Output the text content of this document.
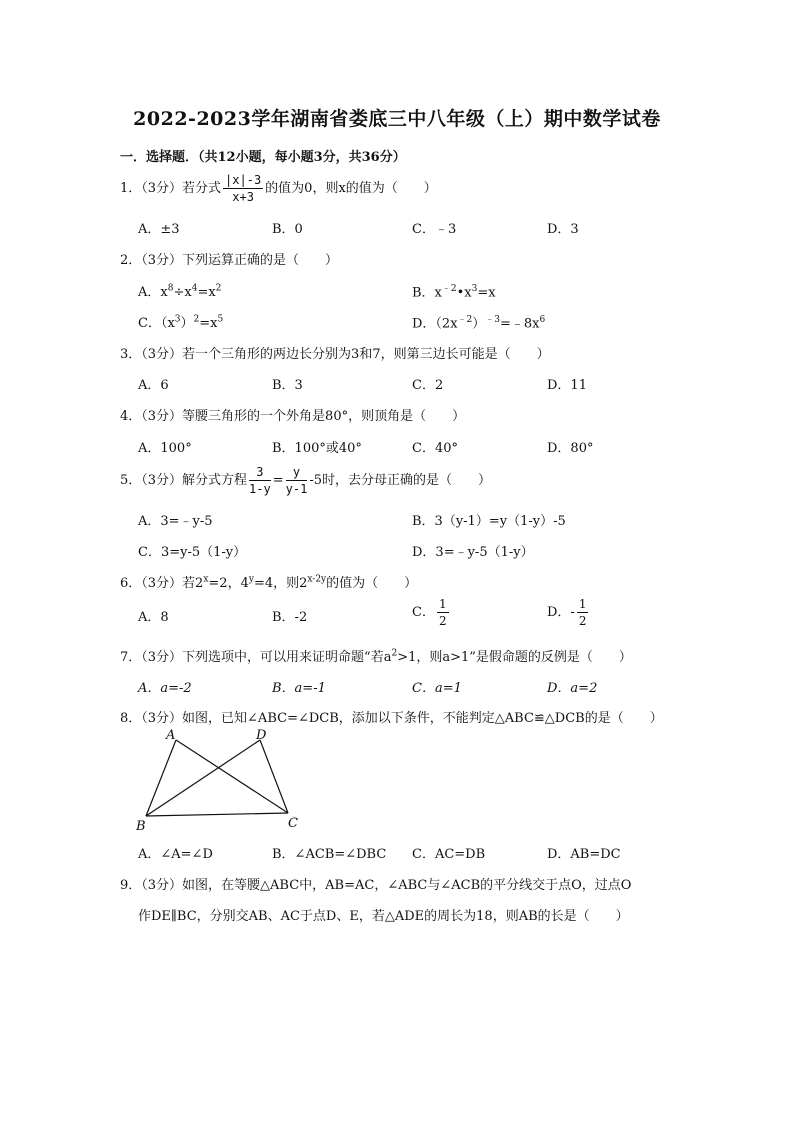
2022-2023学年湖南省娄底三中八年级（上）期中数学试卷
一．选择题．（共12小题，每小题3分，共36分）
1．（3分）若分式 $\frac{|x|-3}{x+3}$ 的值为0，则x的值为（　　）
A．±3	B．0	C．﹣3	D．3
2．（3分）下列运算正确的是（　　）
A．$x^8\div x^4=x^2$	B．$x^{﹣2}•x^3=x$
C．$(x^3)^2=x^5$	D．$(2x^{﹣2})^{﹣3}=﹣8x^6$
3．（3分）若一个三角形的两边长分别为3和7，则第三边长可能是（　　）
A．6	B．3	C．2	D．11
4．（3分）等腰三角形的一个外角是80°，则顶角是（　　）
A．100°	B．100°或40°	C．40°	D．80°
5．（3分）解分式方程 $\frac{3}{1-y} = \frac{y}{y-1} -5$时，去分母正确的是（　　）
A．3=﹣y-5	B．3（y-1）=y（1-y）-5
C．3=y-5（1-y）	D．3=﹣y-5（1-y）
6．（3分）若$2^x=2$，$4^y=4$，则$2^{x-2y}$的值为（　　）
A．8	B．-2	C． $\frac{1}{2}$	D．- $\frac{1}{2}$
7．（3分）下列选项中，可以用来证明命题“若$a^2>1$，则a>1”是假命题的反例是（　　）
A．a=-2	B．a=-1	C．a=1	D．a=2
8．（3分）如图，已知∠ABC=∠DCB，添加以下条件，不能判定△ABC≌△DCB的是（　　）
A	D
B	C
A．∠A=∠D	B．∠ACB=∠DBC C．AC=DB	D．AB=DC
9．（3分）如图，在等腰△ABC中，AB=AC，∠ABC与∠ACB的平分线交于点O，过点O
作DE∥BC，分别交AB、AC于点D、E，若△ADE的周长为18，则AB的长是（　　）
